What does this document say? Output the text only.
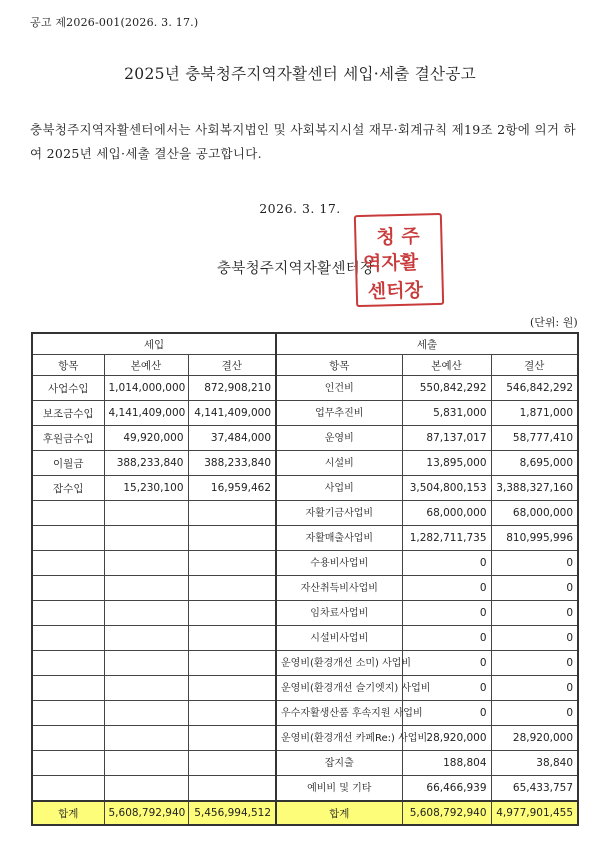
공고 제2026-001(2026. 3. 17.)
2025년 충북청주지역자활센터 세입·세출 결산공고
충북청주지역자활센터에서는 사회복지법인 및 사회복지시설 재무·회계규칙 제19조 2항에 의거 하여 2025년 세입·세출 결산을 공고합니다.
2026. 3. 17.
충북청주지역자활센터장
청 주
역자활
센터장
(단위: 원)
세입			세출		
항목	본예산	결산	항목	본예산	결산
사업수입	1,014,000,000	872,908,210	인건비	550,842,292	546,842,292
보조금수입	4,141,409,000	4,141,409,000	업무추진비	5,831,000	1,871,000
후원금수입	49,920,000	37,484,000	운영비	87,137,017	58,777,410
이월금	388,233,840	388,233,840	시설비	13,895,000	8,695,000
잡수입	15,230,100	16,959,462	사업비	3,504,800,153	3,388,327,160
			자활기금사업비	68,000,000	68,000,000
			자활매출사업비	1,282,711,735	810,995,996
			수용비사업비	0	0
			자산취득비사업비	0	0
			임차료사업비	0	0
			시설비사업비	0	0
			운영비(환경개선 소미) 사업비	0	0
			운영비(환경개선 슬기엣지) 사업비	0	0
			우수자활생산품 후속지원 사업비	0	0
			운영비(환경개선 카페Re:) 사업비	28,920,000	28,920,000
			잡지출	188,804	38,840
			예비비 및 기타	66,466,939	65,433,757
합계	5,608,792,940	5,456,994,512	합계	5,608,792,940	4,977,901,455
